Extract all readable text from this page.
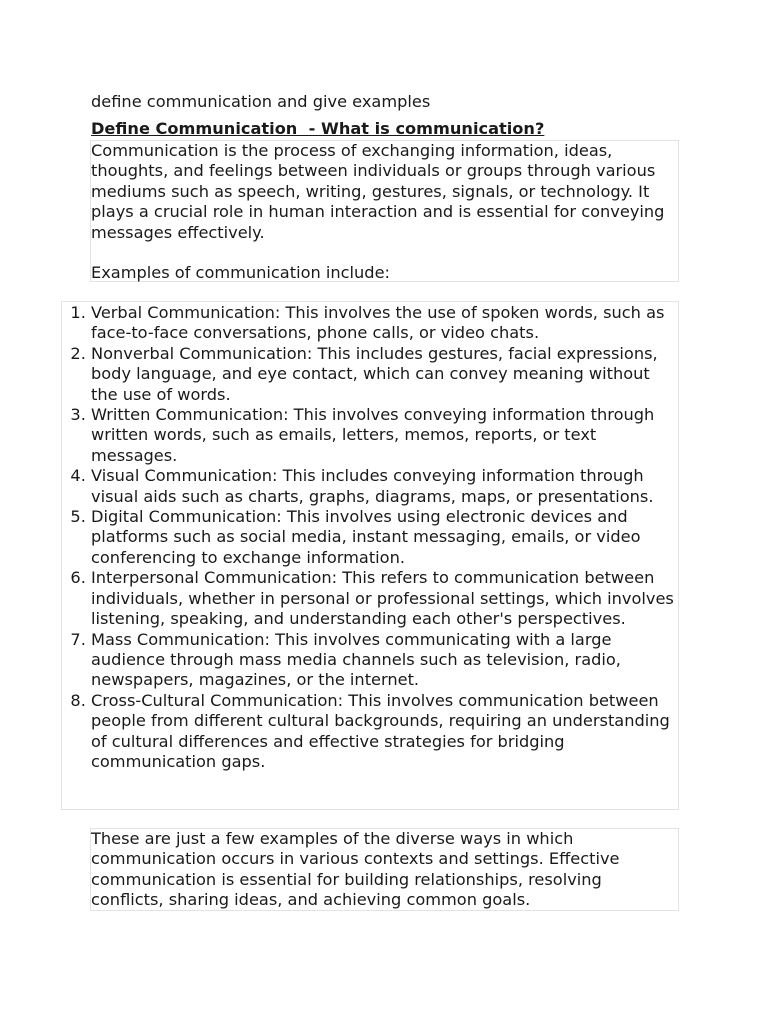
define communication and give examples
Define Communication  - What is communication?

Communication is the process of exchanging information, ideas, thoughts, and feelings between individuals or groups through various mediums such as speech, writing, gestures, signals, or technology. It plays a crucial role in human interaction and is essential for conveying messages effectively.

Examples of communication include:

1. Verbal Communication: This involves the use of spoken words, such as face-to-face conversations, phone calls, or video chats.
2. Nonverbal Communication: This includes gestures, facial expressions, body language, and eye contact, which can convey meaning without the use of words.
3. Written Communication: This involves conveying information through written words, such as emails, letters, memos, reports, or text messages.
4. Visual Communication: This includes conveying information through visual aids such as charts, graphs, diagrams, maps, or presentations.
5. Digital Communication: This involves using electronic devices and platforms such as social media, instant messaging, emails, or video conferencing to exchange information.
6. Interpersonal Communication: This refers to communication between individuals, whether in personal or professional settings, which involves listening, speaking, and understanding each other's perspectives.
7. Mass Communication: This involves communicating with a large audience through mass media channels such as television, radio, newspapers, magazines, or the internet.
8. Cross-Cultural Communication: This involves communication between people from different cultural backgrounds, requiring an understanding of cultural differences and effective strategies for bridging communication gaps.

These are just a few examples of the diverse ways in which communication occurs in various contexts and settings. Effective communication is essential for building relationships, resolving conflicts, sharing ideas, and achieving common goals.
